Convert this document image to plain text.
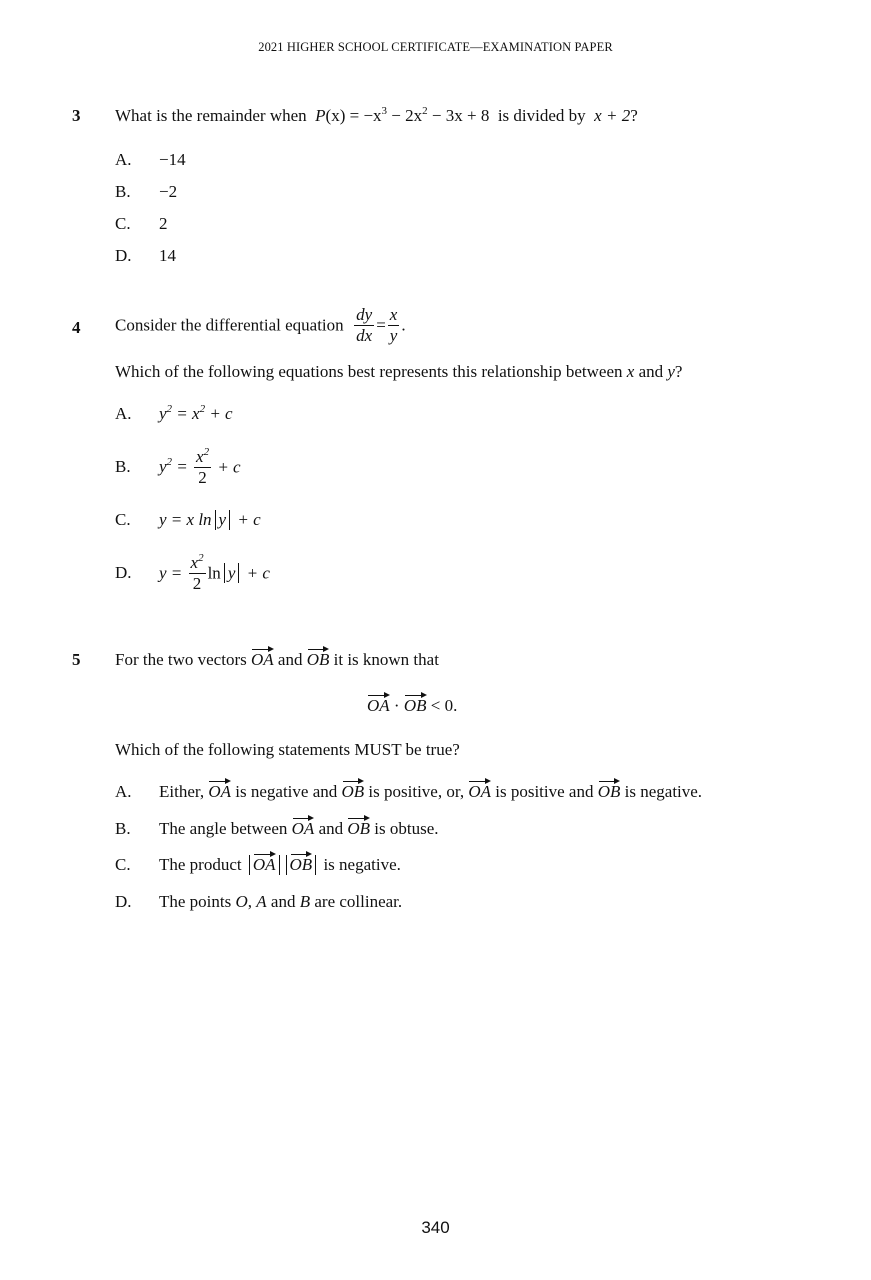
2021 HIGHER SCHOOL CERTIFICATE—EXAMINATION PAPER
3 What is the remainder when $P(x) = -x^3 - 2x^2 - 3x + 8$ is divided by x + 2?
A. −14
B. −2
C. 2
D. 14
4 Consider the differential equation $\frac{dy}{dx} = \frac{x}{y}$ .
Which of the following equations best represents this relationship between x and y?
A. $y^2 = x^2 + c$
B. $y^2 = \frac{x^2}{2} + c$
C. y = x ln y + c
D. $y = \frac{x^2}{2}$ ln y + c
5 For the two vectors OA and OB it is known that
OA · OB < 0.
Which of the following statements MUST be true?
A. Either, OA is negative and OB is positive, or, OA is positive and OB is negative.
B. The angle between OA and OB is obtuse.
C. The product OA OB is negative.
D. The points O, A and B are collinear.
340
